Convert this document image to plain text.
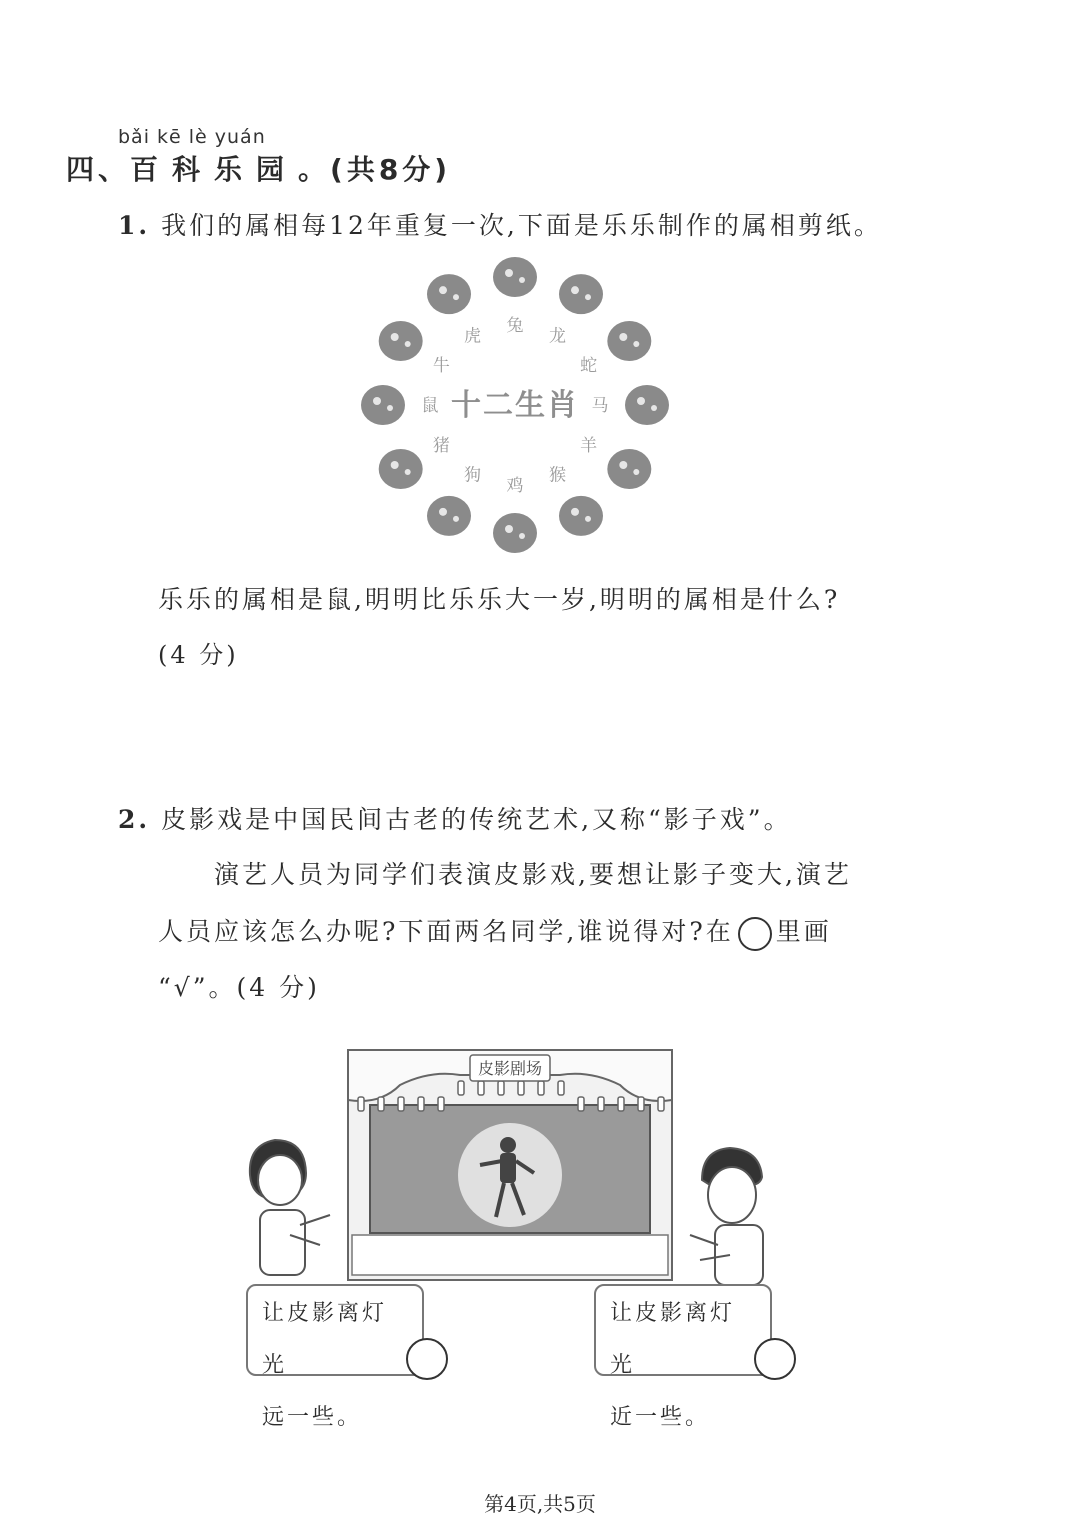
bǎi kē lè yuán
四、百科乐园。(共8分)
1. 我们的属相每12年重复一次,下面是乐乐制作的属相剪纸。
鼠
牛
虎
兔
龙
蛇
马
羊
猴
鸡
狗
猪
十二生肖
乐乐的属相是鼠,明明比乐乐大一岁,明明的属相是什么?
(4 分)
2. 皮影戏是中国民间古老的传统艺术,又称“影子戏”。
演艺人员为同学们表演皮影戏,要想让影子变大,演艺
人员应该怎么办呢?下面两名同学,谁说得对?在 里画
“√”。(4 分)
皮影剧场
让皮影离灯光
远一些。
让皮影离灯光
近一些。
第4页,共5页
